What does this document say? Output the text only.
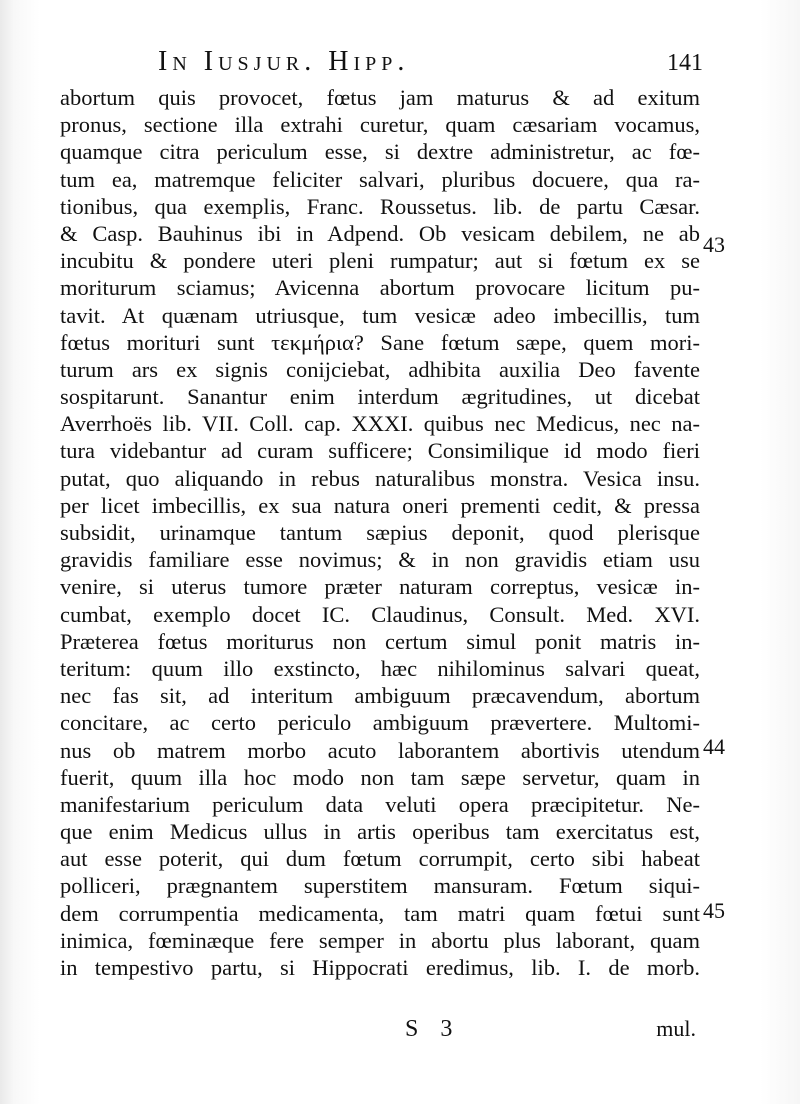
In Iusjur. Hipp.	141
abortum quis provocet, fœtus jam maturus & ad exitum
pronus, sectione illa extrahi curetur, quam cæsariam vocamus,
quamque citra periculum esse, si dextre administretur, ac fœ-
tum ea, matremque feliciter salvari, pluribus docuere, qua ra-
tionibus, qua exemplis, Franc. Roussetus. lib. de partu Cæsar.
& Casp. Bauhinus ibi in Adpend. Ob vesicam debilem, ne ab
incubitu & pondere uteri pleni rumpatur; aut si fœtum ex se
moriturum sciamus; Avicenna abortum provocare licitum pu-
tavit. At quænam utriusque, tum vesicæ adeo imbecillis, tum
fœtus morituri sunt τεκμήρια? Sane fœtum sæpe, quem mori-
turum ars ex signis conijciebat, adhibita auxilia Deo favente
sospitarunt. Sanantur enim interdum ægritudines, ut dicebat
Averrhoës lib. VII. Coll. cap. XXXI. quibus nec Medicus, nec na-
tura videbantur ad curam sufficere; Consimilique id modo fieri
putat, quo aliquando in rebus naturalibus monstra. Vesica insu.
per licet imbecillis, ex sua natura oneri prementi cedit, & pressa
subsidit, urinamque tantum sæpius deponit, quod plerisque
gravidis familiare esse novimus; & in non gravidis etiam usu
venire, si uterus tumore præter naturam correptus, vesicæ in-
cumbat, exemplo docet IC. Claudinus, Consult. Med. XVI.
Præterea fœtus moriturus non certum simul ponit matris in-
teritum: quum illo exstincto, hæc nihilominus salvari queat,
nec fas sit, ad interitum ambiguum præcavendum, abortum
concitare, ac certo periculo ambiguum prævertere. Multomi-
nus ob matrem morbo acuto laborantem abortivis utendum
fuerit, quum illa hoc modo non tam sæpe servetur, quam in
manifestarium periculum data veluti opera præcipitetur. Ne-
que enim Medicus ullus in artis operibus tam exercitatus est,
aut esse poterit, qui dum fœtum corrumpit, certo sibi habeat
polliceri, prægnantem superstitem mansuram. Fœtum siqui-
dem corrumpentia medicamenta, tam matri quam fœtui sunt
inimica, fœminæque fere semper in abortu plus laborant, quam
in tempestivo partu, si Hippocrati eredimus, lib. I. de morb.
43
44
45
S 3	mul.
